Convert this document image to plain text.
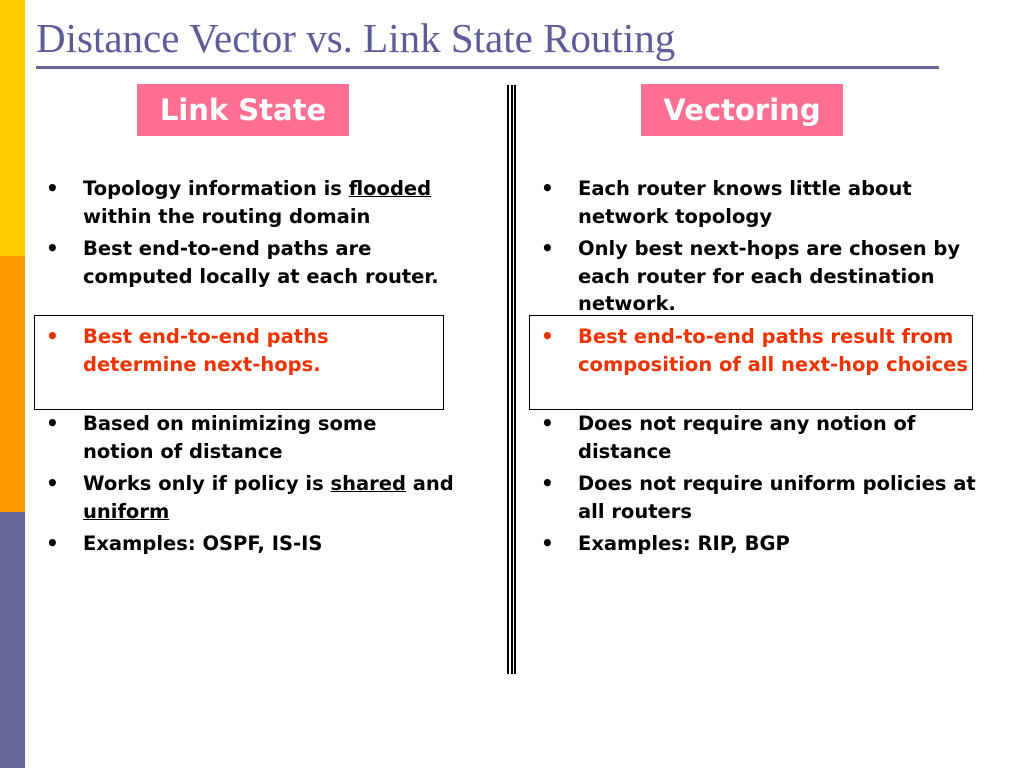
Distance Vector vs. Link State Routing
Link State	Vectoring
• Topology information is flooded within the routing domain
• Best end-to-end paths are computed locally at each router.
• Best end-to-end paths determine next-hops.
• Based on minimizing some notion of distance
• Works only if policy is shared and uniform
• Examples: OSPF, IS-IS
• Each router knows little about network topology
• Only best next-hops are chosen by each router for each destination network.
• Best end-to-end paths result from composition of all next-hop choices
• Does not require any notion of distance
• Does not require uniform policies at all routers
• Examples: RIP, BGP
